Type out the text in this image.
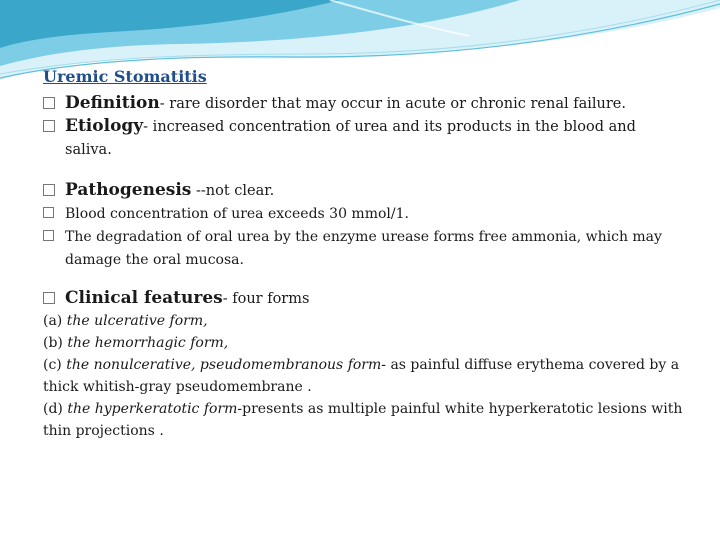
Uremic Stomatitis
Definition- rare disorder that may occur in acute or chronic renal failure.
Etiology- increased concentration of urea and its products in the blood and saliva.
Pathogenesis --not clear.
Blood concentration of urea exceeds 30 mmol/1.
The degradation of oral urea by the enzyme urease forms free ammonia, which may damage the oral mucosa.
Clinical features- four forms

(a) the ulcerative form,

(b) the hemorrhagic form,

(c) the nonulcerative, pseudomembranous form- as painful diffuse erythema covered by a thick whitish-gray pseudomembrane .

(d) the hyperkeratotic form-presents as multiple painful white hyperkeratotic lesions with thin projections .
